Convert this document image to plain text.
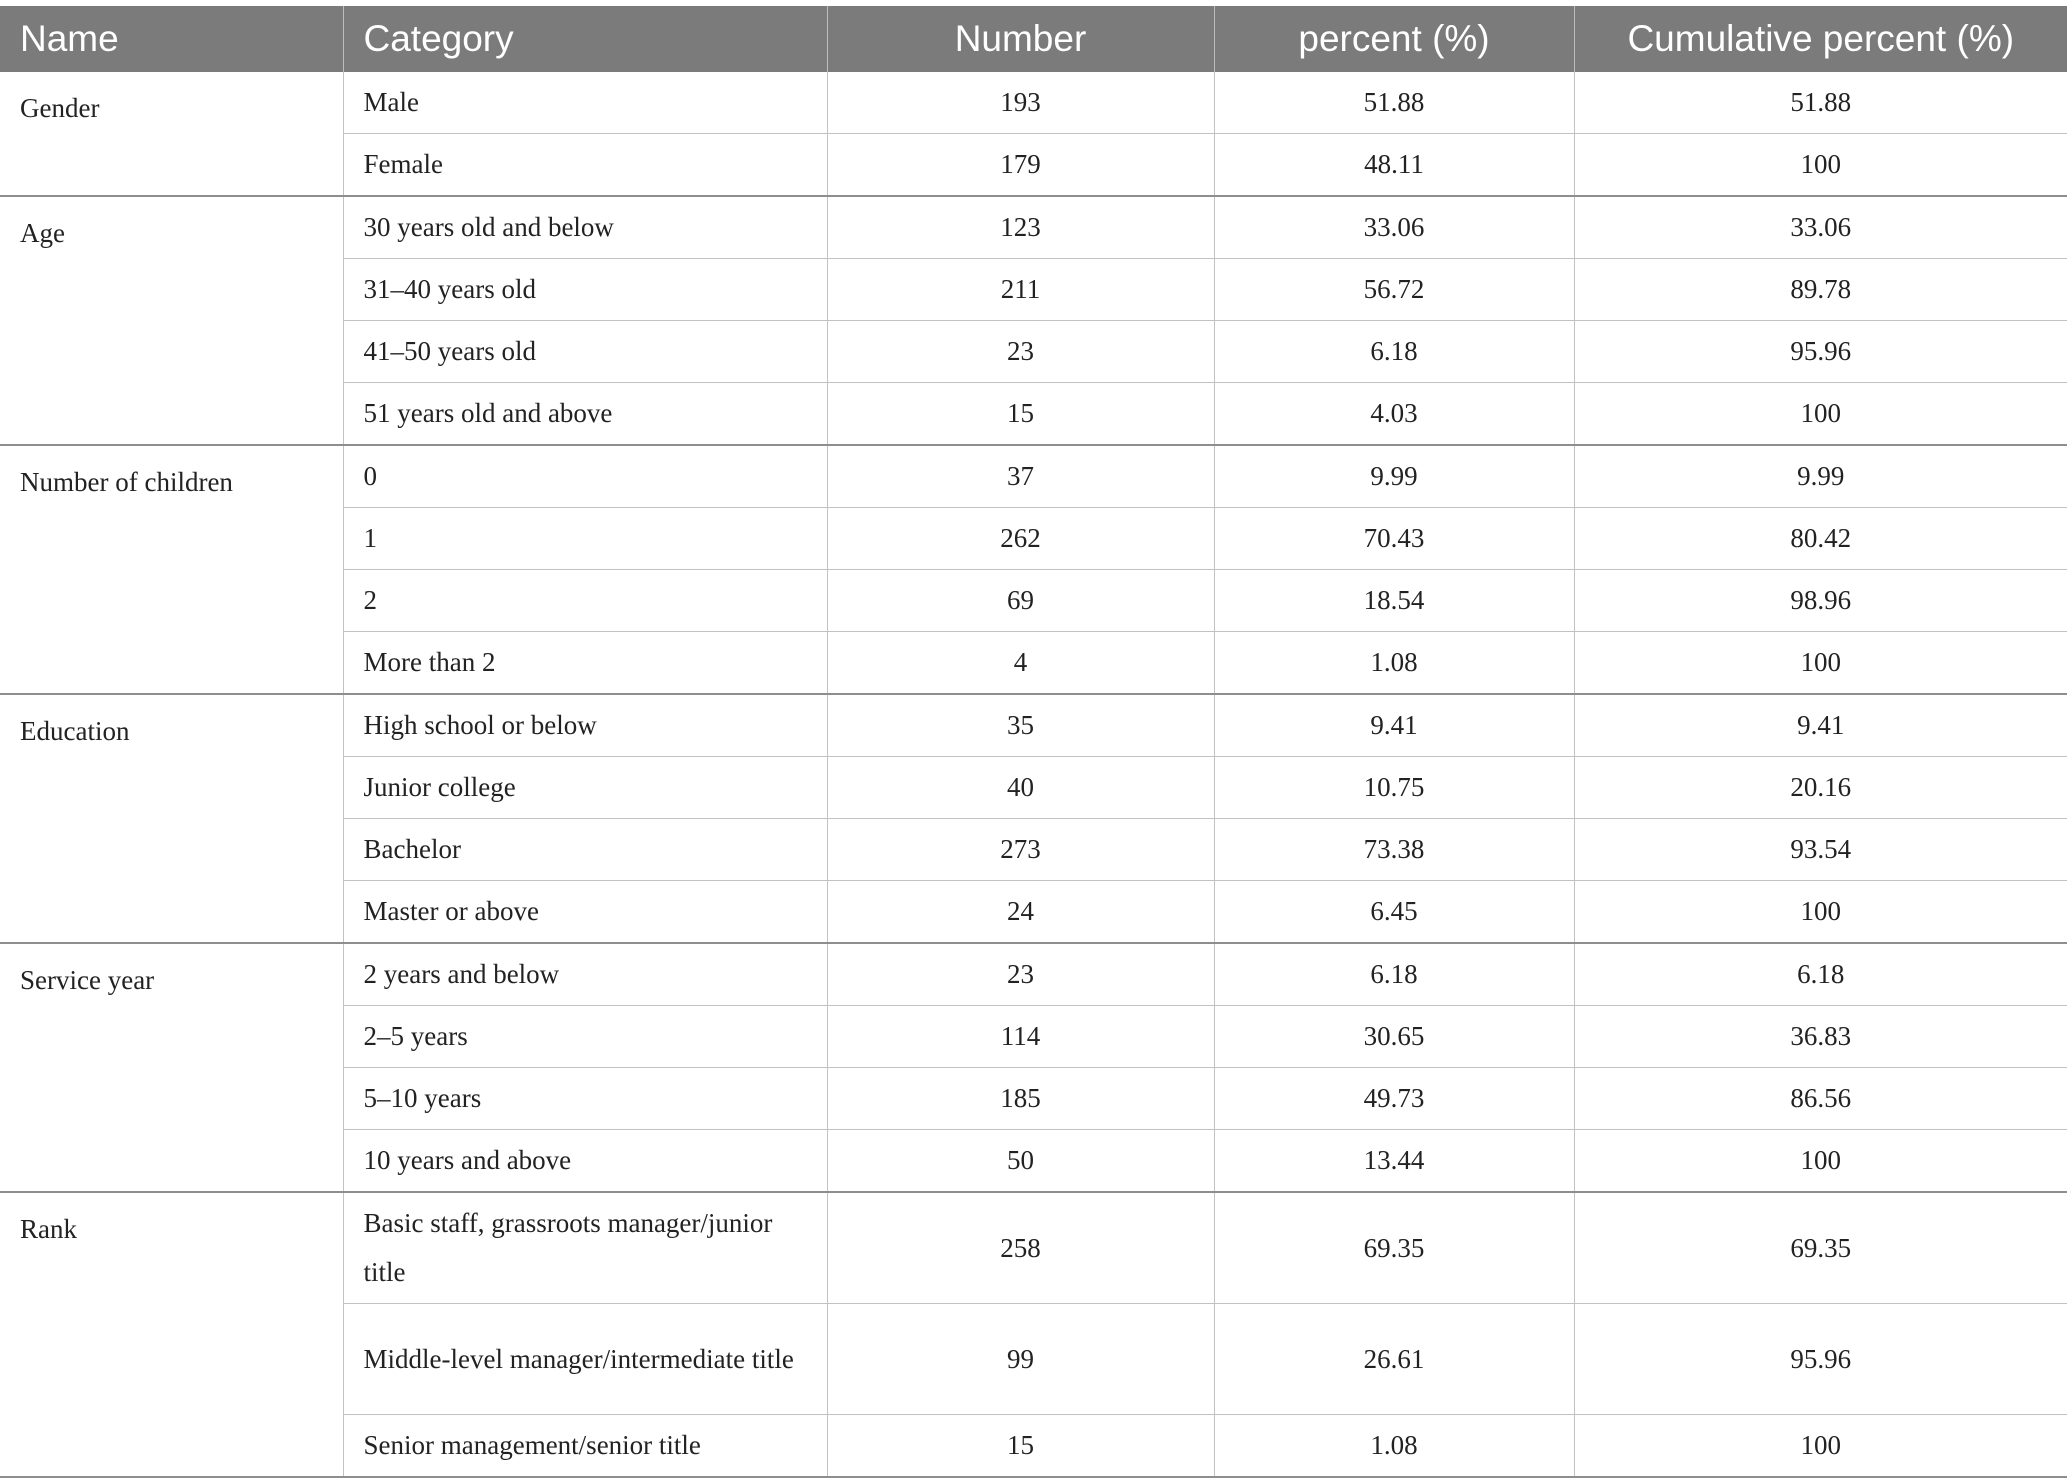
Name	Category	Number	percent (%)	Cumulative percent (%)
Gender	Male	193	51.88	51.88
	Female	179	48.11	100
Age	30 years old and below	123	33.06	33.06
	31–40 years old	211	56.72	89.78
	41–50 years old	23	6.18	95.96
	51 years old and above	15	4.03	100
Number of children	0	37	9.99	9.99
	1	262	70.43	80.42
	2	69	18.54	98.96
	More than 2	4	1.08	100
Education	High school or below	35	9.41	9.41
	Junior college	40	10.75	20.16
	Bachelor	273	73.38	93.54
	Master or above	24	6.45	100
Service year	2 years and below	23	6.18	6.18
	2–5 years	114	30.65	36.83
	5–10 years	185	49.73	86.56
	10 years and above	50	13.44	100
Rank	Basic staff, grassroots manager/junior title	258	69.35	69.35
	Middle-level manager/intermediate title	99	26.61	95.96
	Senior management/senior title	15	1.08	100
